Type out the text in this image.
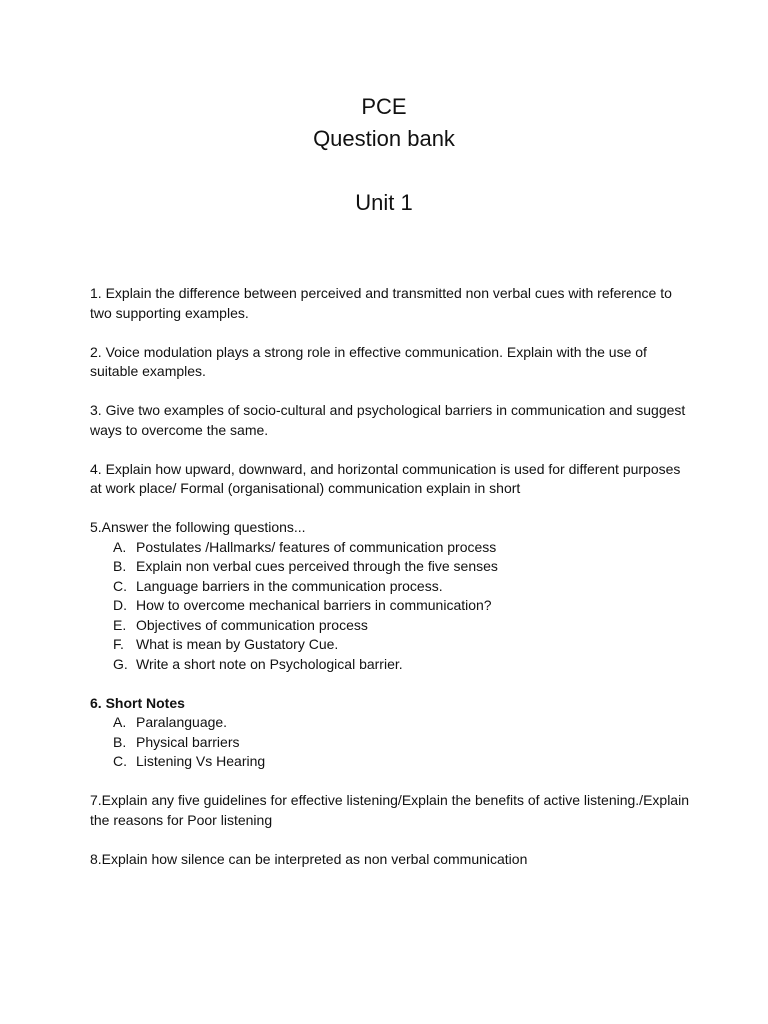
PCE
Question bank
Unit 1

1. Explain the difference between perceived and transmitted non verbal cues with reference to two supporting examples.

2. Voice modulation plays a strong role in effective communication. Explain with the use of suitable examples.

3. Give two examples of socio-cultural and psychological barriers in communication and suggest ways to overcome the same.

4. Explain how upward, downward, and horizontal communication is used for different purposes at work place/ Formal (organisational) communication explain in short

5.Answer the following questions...

A. Postulates /Hallmarks/ features of communication process
B. Explain non verbal cues perceived through the five senses
C. Language barriers in the communication process.
D. How to overcome mechanical barriers in communication?
E. Objectives of communication process
F. What is mean by Gustatory Cue.
G. Write a short note on Psychological barrier.

6. Short Notes

A. Paralanguage.
B. Physical barriers
C. Listening Vs Hearing

7.Explain any five guidelines for effective listening/Explain the benefits of active listening./Explain the reasons for Poor listening

8.Explain how silence can be interpreted as non verbal communication
